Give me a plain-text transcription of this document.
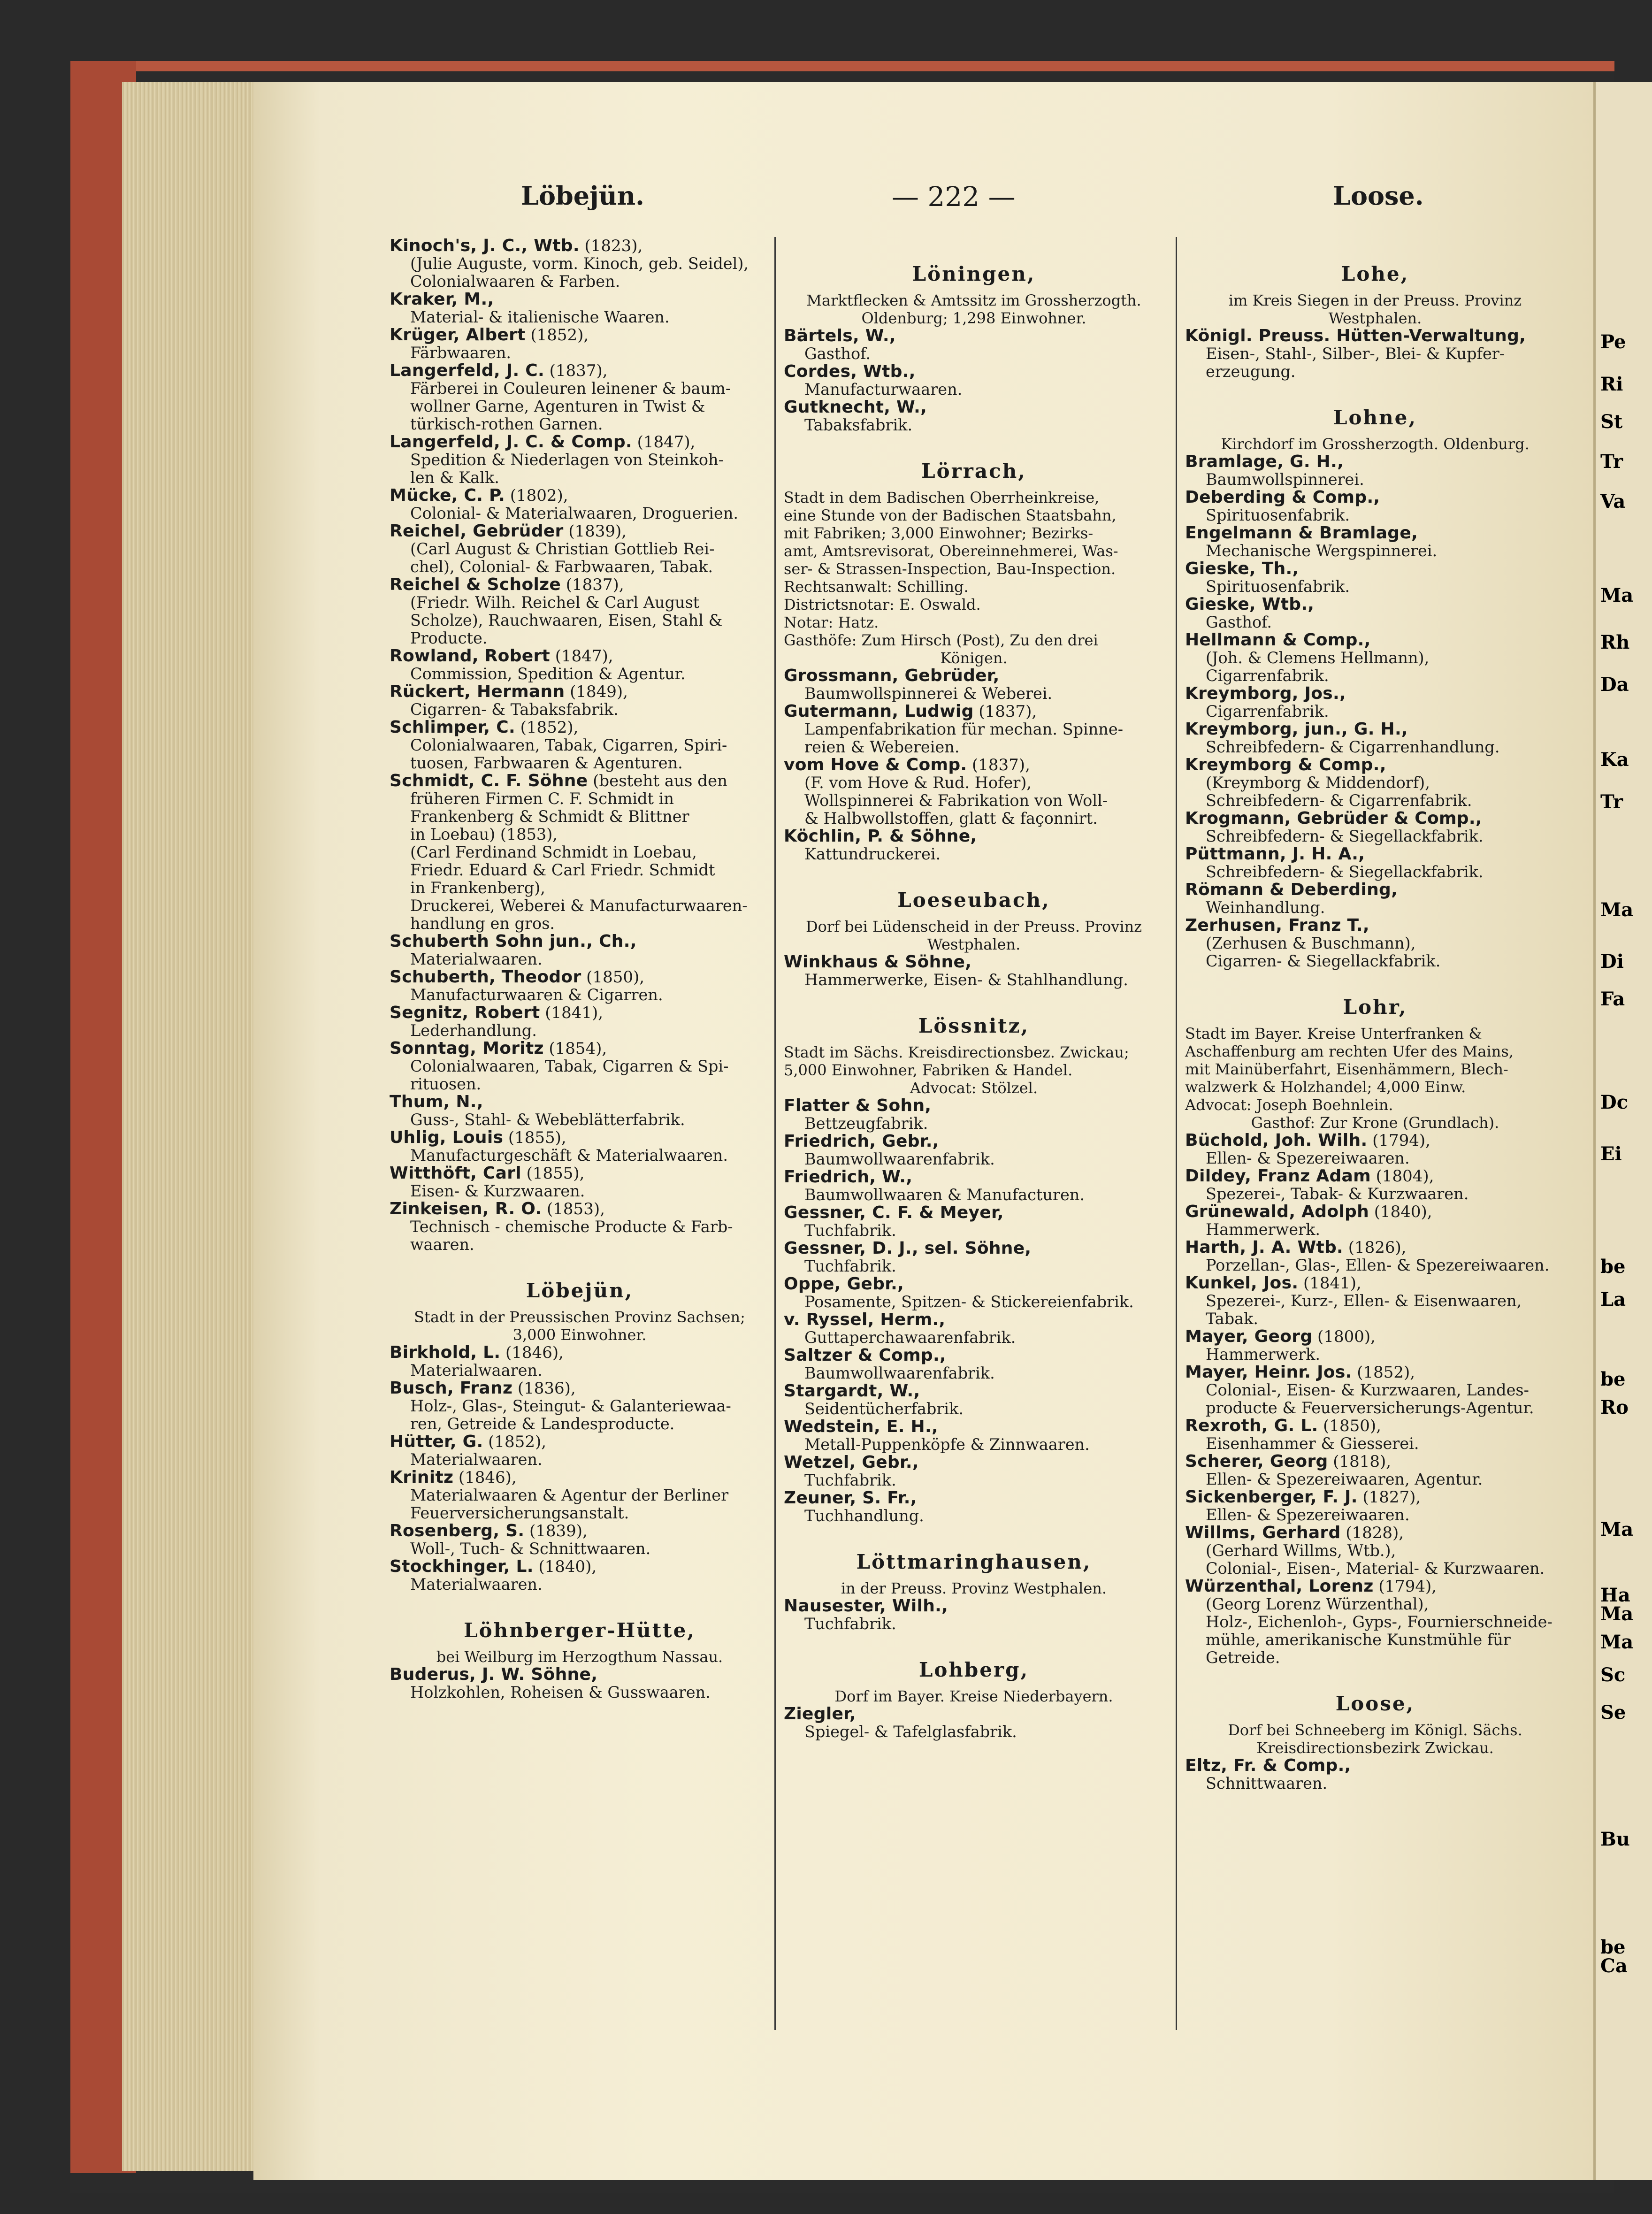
Löbejün.	— 222 —	Loose.
Kinoch's, J. C., Wtb. (1823),
(Julie Auguste, vorm. Kinoch, geb. Seidel),
Colonialwaaren & Farben.
Kraker, M.,
Material- & italienische Waaren.
Krüger, Albert (1852),
Färbwaaren.
Langerfeld, J. C. (1837),
Färberei in Couleuren leinener & baum-
wollner Garne, Agenturen in Twist &
türkisch-rothen Garnen.
Langerfeld, J. C. & Comp. (1847),
Spedition & Niederlagen von Steinkoh-
len & Kalk.
Mücke, C. P. (1802),
Colonial- & Materialwaaren, Droguerien.
Reichel, Gebrüder (1839),
(Carl August & Christian Gottlieb Rei-
chel), Colonial- & Farbwaaren, Tabak.
Reichel & Scholze (1837),
(Friedr. Wilh. Reichel & Carl August
Scholze), Rauchwaaren, Eisen, Stahl &
Producte.
Rowland, Robert (1847),
Commission, Spedition & Agentur.
Rückert, Hermann (1849),
Cigarren- & Tabaksfabrik.
Schlimper, C. (1852),
Colonialwaaren, Tabak, Cigarren, Spiri-
tuosen, Farbwaaren & Agenturen.
Schmidt, C. F. Söhne (besteht aus den
früheren Firmen C. F. Schmidt in
Frankenberg & Schmidt & Blittner
in Loebau) (1853),
(Carl Ferdinand Schmidt in Loebau,
Friedr. Eduard & Carl Friedr. Schmidt
in Frankenberg),
Druckerei, Weberei & Manufacturwaaren-
handlung en gros.
Schuberth Sohn jun., Ch.,
Materialwaaren.
Schuberth, Theodor (1850),
Manufacturwaaren & Cigarren.
Segnitz, Robert (1841),
Lederhandlung.
Sonntag, Moritz (1854),
Colonialwaaren, Tabak, Cigarren & Spi-
rituosen.
Thum, N.,
Guss-, Stahl- & Webeblätterfabrik.
Uhlig, Louis (1855),
Manufacturgeschäft & Materialwaaren.
Witthöft, Carl (1855),
Eisen- & Kurzwaaren.
Zinkeisen, R. O. (1853),
Technisch - chemische Producte & Farb-
waaren.
Löbejün,
Stadt in der Preussischen Provinz Sachsen;
3,000 Einwohner.
Birkhold, L. (1846),
Materialwaaren.
Busch, Franz (1836),
Holz-, Glas-, Steingut- & Galanteriewaa-
ren, Getreide & Landesproducte.
Hütter, G. (1852),
Materialwaaren.
Krinitz (1846),
Materialwaaren & Agentur der Berliner
Feuerversicherungsanstalt.
Rosenberg, S. (1839),
Woll-, Tuch- & Schnittwaaren.
Stockhinger, L. (1840),
Materialwaaren.
Löhnberger-Hütte,
bei Weilburg im Herzogthum Nassau.
Buderus, J. W. Söhne,
Holzkohlen, Roheisen & Gusswaaren.
Löningen,
Marktflecken & Amtssitz im Grossherzogth.
Oldenburg; 1,298 Einwohner.
Bärtels, W.,
Gasthof.
Cordes, Wtb.,
Manufacturwaaren.
Gutknecht, W.,
Tabaksfabrik.
Lörrach,
Stadt in dem Badischen Oberrheinkreise,
eine Stunde von der Badischen Staatsbahn,
mit Fabriken; 3,000 Einwohner; Bezirks-
amt, Amtsrevisorat, Obereinnehmerei, Was-
ser- & Strassen-Inspection, Bau-Inspection.
Rechtsanwalt: Schilling.
Districtsnotar: E. Oswald.
Notar: Hatz.
Gasthöfe: Zum Hirsch (Post), Zu den drei
Königen.
Grossmann, Gebrüder,
Baumwollspinnerei & Weberei.
Gutermann, Ludwig (1837),
Lampenfabrikation für mechan. Spinne-
reien & Webereien.
vom Hove & Comp. (1837),
(F. vom Hove & Rud. Hofer),
Wollspinnerei & Fabrikation von Woll-
& Halbwollstoffen, glatt & façonnirt.
Köchlin, P. & Söhne,
Kattundruckerei.
Loeseubach,
Dorf bei Lüdenscheid in der Preuss. Provinz
Westphalen.
Winkhaus & Söhne,
Hammerwerke, Eisen- & Stahlhandlung.
Lössnitz,
Stadt im Sächs. Kreisdirectionsbez. Zwickau;
5,000 Einwohner, Fabriken & Handel.
Advocat: Stölzel.
Flatter & Sohn,
Bettzeugfabrik.
Friedrich, Gebr.,
Baumwollwaarenfabrik.
Friedrich, W.,
Baumwollwaaren & Manufacturen.
Gessner, C. F. & Meyer,
Tuchfabrik.
Gessner, D. J., sel. Söhne,
Tuchfabrik.
Oppe, Gebr.,
Posamente, Spitzen- & Stickereienfabrik.
v. Ryssel, Herm.,
Guttaperchawaarenfabrik.
Saltzer & Comp.,
Baumwollwaarenfabrik.
Stargardt, W.,
Seidentücherfabrik.
Wedstein, E. H.,
Metall-Puppenköpfe & Zinnwaaren.
Wetzel, Gebr.,
Tuchfabrik.
Zeuner, S. Fr.,
Tuchhandlung.
Löttmaringhausen,
in der Preuss. Provinz Westphalen.
Nausester, Wilh.,
Tuchfabrik.
Lohberg,
Dorf im Bayer. Kreise Niederbayern.
Ziegler,
Spiegel- & Tafelglasfabrik.
Lohe,
im Kreis Siegen in der Preuss. Provinz
Westphalen.
Königl. Preuss. Hütten-Verwaltung,
Eisen-, Stahl-, Silber-, Blei- & Kupfer-
erzeugung.
Lohne,
Kirchdorf im Grossherzogth. Oldenburg.
Bramlage, G. H.,
Baumwollspinnerei.
Deberding & Comp.,
Spirituosenfabrik.
Engelmann & Bramlage,
Mechanische Wergspinnerei.
Gieske, Th.,
Spirituosenfabrik.
Gieske, Wtb.,
Gasthof.
Hellmann & Comp.,
(Joh. & Clemens Hellmann),
Cigarrenfabrik.
Kreymborg, Jos.,
Cigarrenfabrik.
Kreymborg, jun., G. H.,
Schreibfedern- & Cigarrenhandlung.
Kreymborg & Comp.,
(Kreymborg & Middendorf),
Schreibfedern- & Cigarrenfabrik.
Krogmann, Gebrüder & Comp.,
Schreibfedern- & Siegellackfabrik.
Püttmann, J. H. A.,
Schreibfedern- & Siegellackfabrik.
Römann & Deberding,
Weinhandlung.
Zerhusen, Franz T.,
(Zerhusen & Buschmann),
Cigarren- & Siegellackfabrik.
Lohr,
Stadt im Bayer. Kreise Unterfranken &
Aschaffenburg am rechten Ufer des Mains,
mit Mainüberfahrt, Eisenhämmern, Blech-
walzwerk & Holzhandel; 4,000 Einw.
Advocat: Joseph Boehnlein.
Gasthof: Zur Krone (Grundlach).
Büchold, Joh. Wilh. (1794),
Ellen- & Spezereiwaaren.
Dildey, Franz Adam (1804),
Spezerei-, Tabak- & Kurzwaaren.
Grünewald, Adolph (1840),
Hammerwerk.
Harth, J. A. Wtb. (1826),
Porzellan-, Glas-, Ellen- & Spezereiwaaren.
Kunkel, Jos. (1841),
Spezerei-, Kurz-, Ellen- & Eisenwaaren,
Tabak.
Mayer, Georg (1800),
Hammerwerk.
Mayer, Heinr. Jos. (1852),
Colonial-, Eisen- & Kurzwaaren, Landes-
producte & Feuerversicherungs-Agentur.
Rexroth, G. L. (1850),
Eisenhammer & Giesserei.
Scherer, Georg (1818),
Ellen- & Spezereiwaaren, Agentur.
Sickenberger, F. J. (1827),
Ellen- & Spezereiwaaren.
Willms, Gerhard (1828),
(Gerhard Willms, Wtb.),
Colonial-, Eisen-, Material- & Kurzwaaren.
Würzenthal, Lorenz (1794),
(Georg Lorenz Würzenthal),
Holz-, Eichenloh-, Gyps-, Fournierschneide-
mühle, amerikanische Kunstmühle für
Getreide.
Loose,
Dorf bei Schneeberg im Königl. Sächs.
Kreisdirectionsbezirk Zwickau.
Eltz, Fr. & Comp.,
Schnittwaaren.
Pe
Ri
St
Tr
Va
Ma
Rh
Da
Ka
Tr
Ma
Di
Fa
Dc
Ei
be
La
be
Ro
Ma
Ha
Ma
Ma
Sc
Se
Bu
be
Ca
